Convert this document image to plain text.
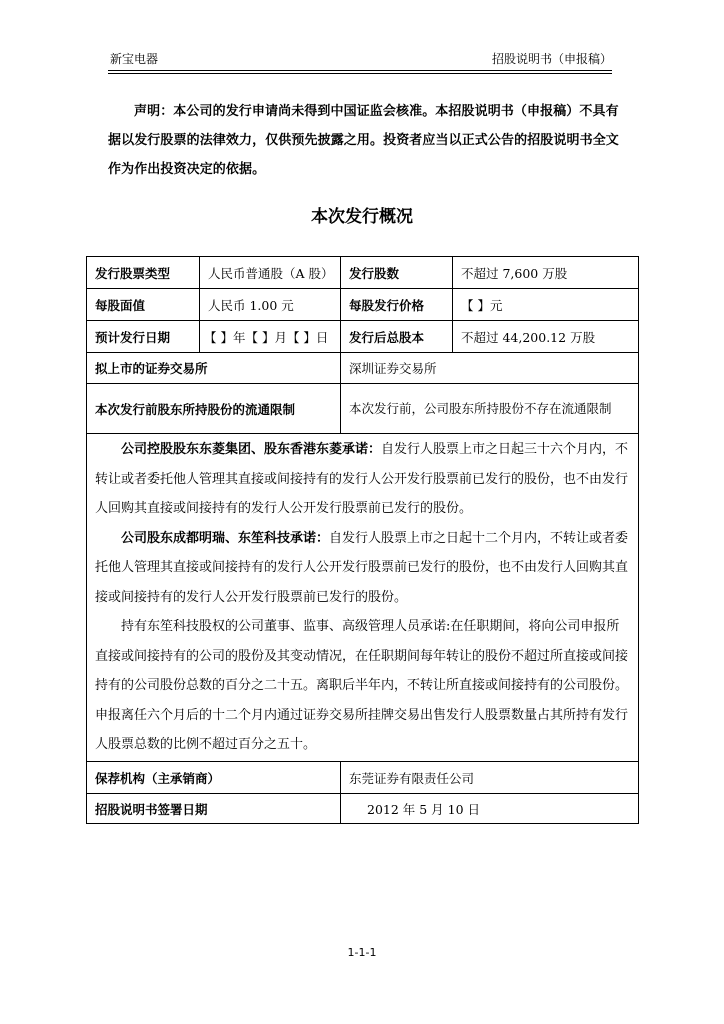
新宝电器	招股说明书（申报稿）

声明：本公司的发行申请尚未得到中国证监会核准。本招股说明书（申报稿）不具有据以发行股票的法律效力，仅供预先披露之用。投资者应当以正式公告的招股说明书全文作为作出投资决定的依据。

本次发行概况
发行股票类型	人民币普通股（A 股）	发行股数	不超过 7,600 万股
每股面值	人民币 1.00 元	每股发行价格	【 】元
预计发行日期	【 】年【 】月【 】日	发行后总股本	不超过 44,200.12 万股
拟上市的证券交易所		深圳证券交易所	
本次发行前股东所持股份的流通限制		本次发行前，公司股东所持股份不存在流通限制	

公司控股股东东菱集团、股东香港东菱承诺：自发行人股票上市之日起三十六个月内，不转让或者委托他人管理其直接或间接持有的发行人公开发行股票前已发行的股份，也不由发行人回购其直接或间接持有的发行人公开发行股票前已发行的股份。

公司股东成都明瑞、东笙科技承诺：自发行人股票上市之日起十二个月内，不转让或者委托他人管理其直接或间接持有的发行人公开发行股票前已发行的股份，也不由发行人回购其直接或间接持有的发行人公开发行股票前已发行的股份。

持有东笙科技股权的公司董事、监事、高级管理人员承诺:在任职期间，将向公司申报所直接或间接持有的公司的股份及其变动情况，在任职期间每年转让的股份不超过所直接或间接持有的公司股份总数的百分之二十五。离职后半年内，不转让所直接或间接持有的公司股份。申报离任六个月后的十二个月内通过证券交易所挂牌交易出售发行人股票数量占其所持有发行人股票总数的比例不超过百分之五十。			

保荐机构（主承销商）		东莞证券有限责任公司	
招股说明书签署日期		2012 年 5 月 10 日	
1-1-1
